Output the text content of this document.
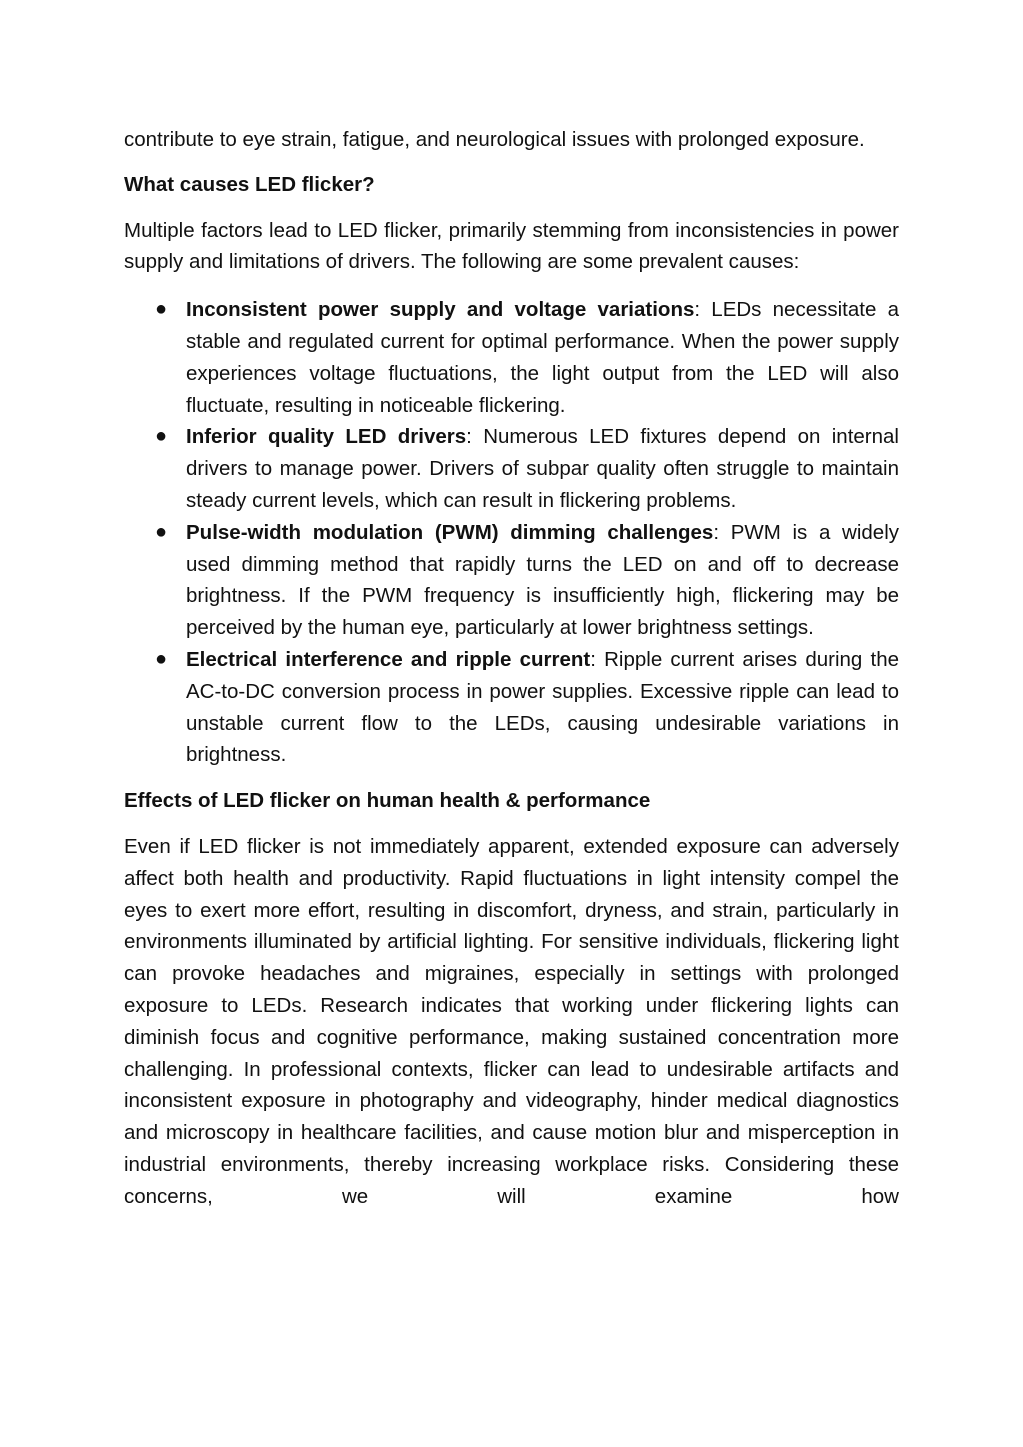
contribute to eye strain, fatigue, and neurological issues with prolonged exposure.

What causes LED flicker?

Multiple factors lead to LED flicker, primarily stemming from inconsistencies in power supply and limitations of drivers. The following are some prevalent causes:

● Inconsistent power supply and voltage variations: LEDs necessitate a stable and regulated current for optimal performance. When the power supply experiences voltage fluctuations, the light output from the LED will also fluctuate, resulting in noticeable flickering.
● Inferior quality LED drivers: Numerous LED fixtures depend on internal drivers to manage power. Drivers of subpar quality often struggle to maintain steady current levels, which can result in flickering problems.
● Pulse-width modulation (PWM) dimming challenges: PWM is a widely used dimming method that rapidly turns the LED on and off to decrease brightness. If the PWM frequency is insufficiently high, flickering may be perceived by the human eye, particularly at lower brightness settings.
● Electrical interference and ripple current: Ripple current arises during the AC-to-DC conversion process in power supplies. Excessive ripple can lead to unstable current flow to the LEDs, causing undesirable variations in brightness.
Effects of LED flicker on human health & performance

Even if LED flicker is not immediately apparent, extended exposure can adversely affect both health and productivity. Rapid fluctuations in light intensity compel the eyes to exert more effort, resulting in discomfort, dryness, and strain, particularly in environments illuminated by artificial lighting. For sensitive individuals, flickering light can provoke headaches and migraines, especially in settings with prolonged exposure to LEDs. Research indicates that working under flickering lights can diminish focus and cognitive performance, making sustained concentration more challenging. In professional contexts, flicker can lead to undesirable artifacts and inconsistent exposure in photography and videography, hinder medical diagnostics and microscopy in healthcare facilities, and cause motion blur and misperception in industrial environments, thereby increasing workplace risks. Considering these concerns, we will examine how
